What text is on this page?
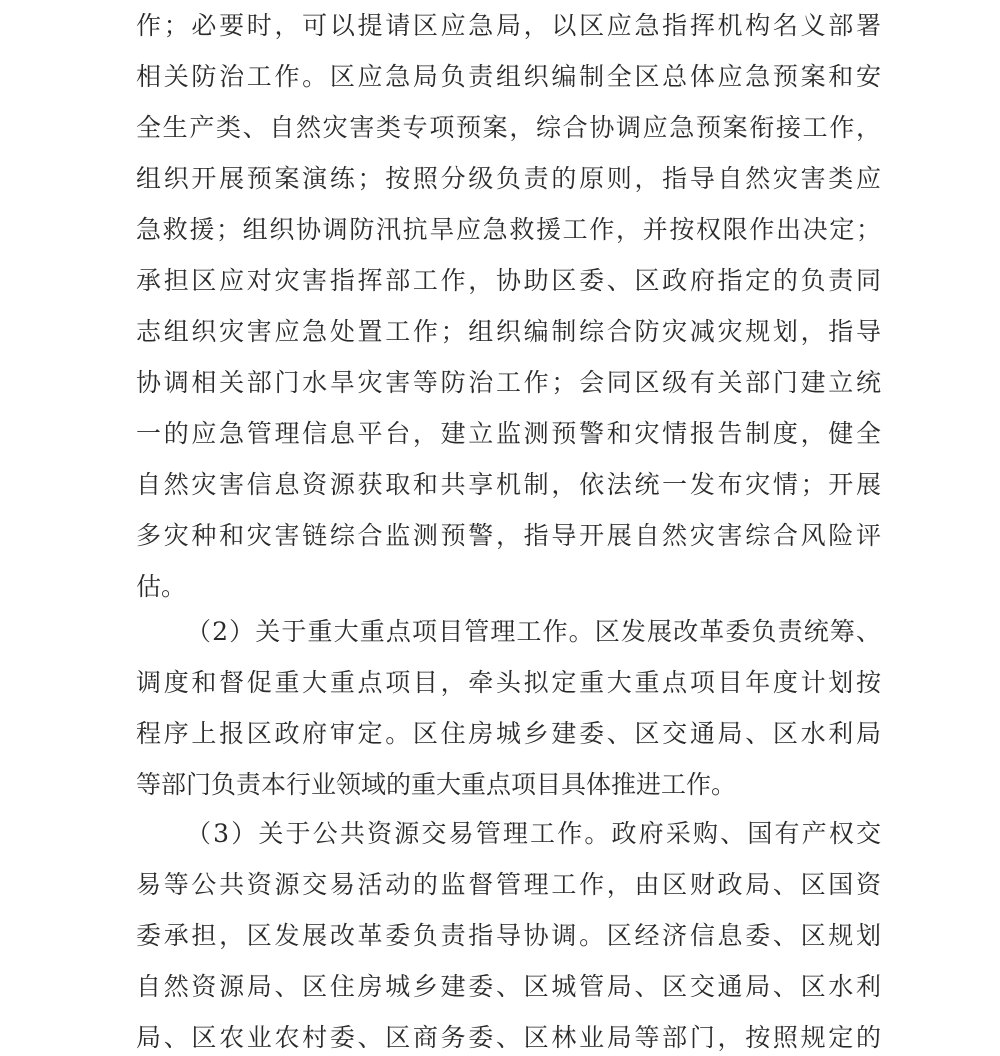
作；必要时，可以提请区应急局，以区应急指挥机构名义部署
相关防治工作。区应急局负责组织编制全区总体应急预案和安
全生产类、自然灾害类专项预案，综合协调应急预案衔接工作，
组织开展预案演练；按照分级负责的原则，指导自然灾害类应
急救援；组织协调防汛抗旱应急救援工作，并按权限作出决定；
承担区应对灾害指挥部工作，协助区委、区政府指定的负责同
志组织灾害应急处置工作；组织编制综合防灾减灾规划，指导
协调相关部门水旱灾害等防治工作；会同区级有关部门建立统
一的应急管理信息平台，建立监测预警和灾情报告制度，健全
自然灾害信息资源获取和共享机制，依法统一发布灾情；开展
多灾种和灾害链综合监测预警，指导开展自然灾害综合风险评
估。
（2）关于重大重点项目管理工作。区发展改革委负责统筹、
调度和督促重大重点项目，牵头拟定重大重点项目年度计划按
程序上报区政府审定。区住房城乡建委、区交通局、区水利局
等部门负责本行业领域的重大重点项目具体推进工作。
（3）关于公共资源交易管理工作。政府采购、国有产权交
易等公共资源交易活动的监督管理工作，由区财政局、区国资
委承担，区发展改革委负责指导协调。区经济信息委、区规划
自然资源局、区住房城乡建委、区城管局、区交通局、区水利
局、区农业农村委、区商务委、区林业局等部门，按照规定的
